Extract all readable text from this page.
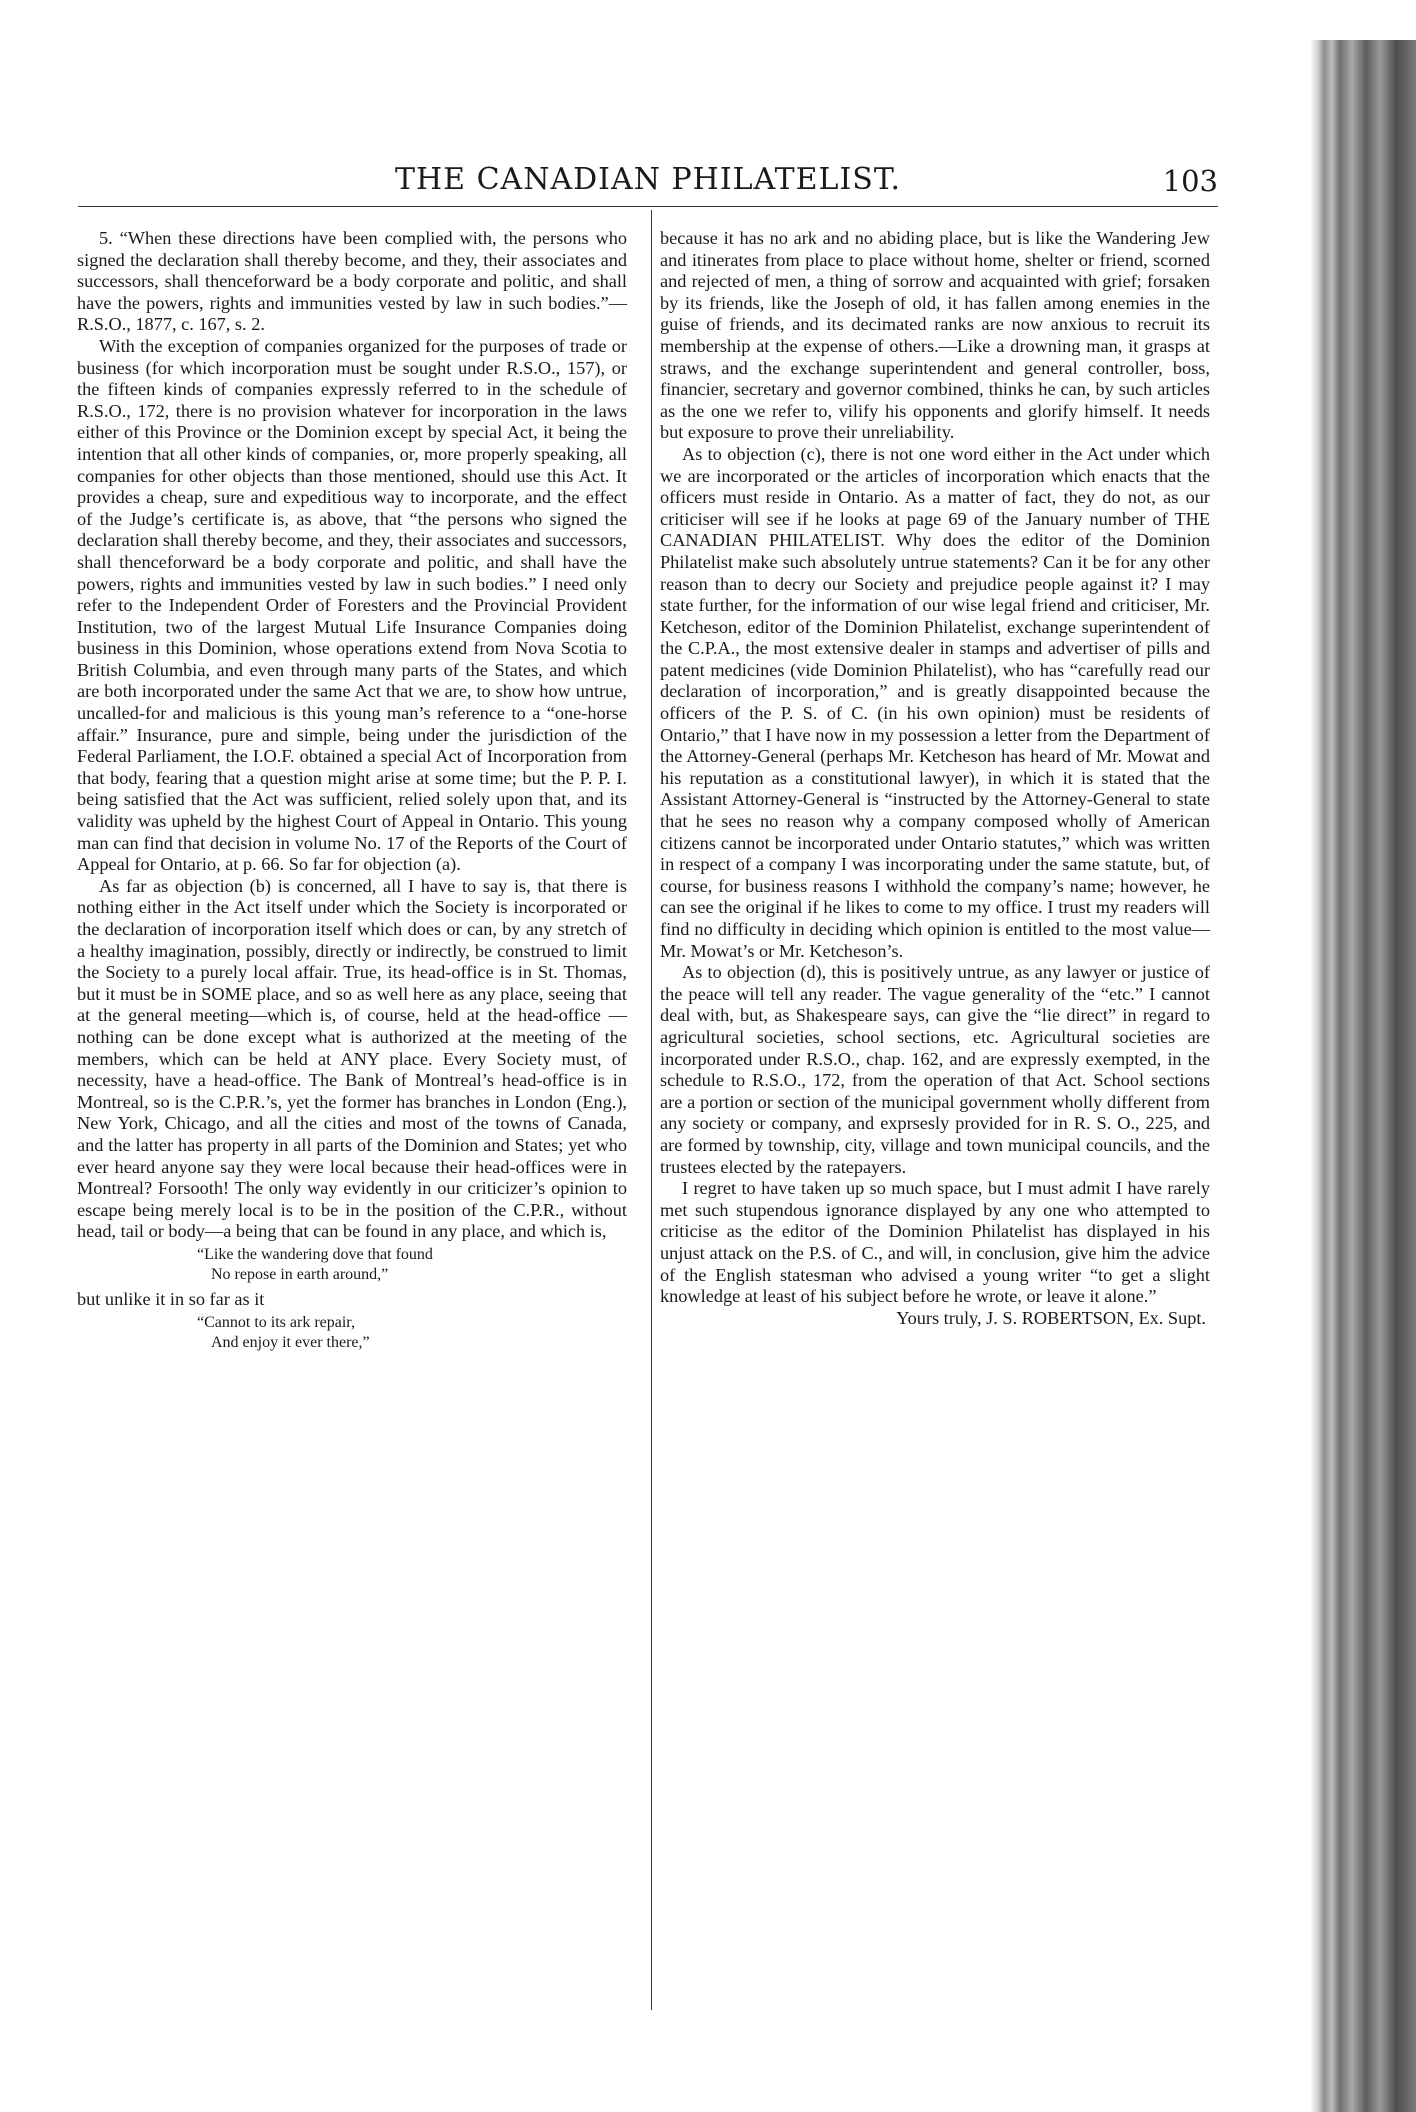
THE CANADIAN PHILATELIST.	103

5. “When these directions have been complied with, the persons who signed the declaration shall thereby become, and they, their associates and successors, shall thenceforward be a body corporate and politic, and shall have the powers, rights and immunities vested by law in such bodies.”—R.S.O., 1877, c. 167, s. 2.

With the exception of companies organized for the purposes of trade or business (for which incorporation must be sought under R.S.O., 157), or the fifteen kinds of companies expressly referred to in the schedule of R.S.O., 172, there is no provision whatever for incorporation in the laws either of this Province or the Dominion except by special Act, it being the intention that all other kinds of companies, or, more properly speaking, all companies for other objects than those mentioned, should use this Act. It provides a cheap, sure and expeditious way to incorporate, and the effect of the Judge’s certificate is, as above, that “the persons who signed the declaration shall thereby become, and they, their associates and successors, shall thenceforward be a body corporate and politic, and shall have the powers, rights and immunities vested by law in such bodies.” I need only refer to the Independent Order of Foresters and the Provincial Provident Institution, two of the largest Mutual Life Insurance Companies doing business in this Dominion, whose operations extend from Nova Scotia to British Columbia, and even through many parts of the States, and which are both incorporated under the same Act that we are, to show how untrue, uncalled-for and malicious is this young man’s reference to a “one-horse affair.” Insurance, pure and simple, being under the jurisdiction of the Federal Parliament, the I.O.F. obtained a special Act of Incorporation from that body, fearing that a question might arise at some time; but the P. P. I. being satisfied that the Act was sufficient, relied solely upon that, and its validity was upheld by the highest Court of Appeal in Ontario. This young man can find that decision in volume No. 17 of the Reports of the Court of Appeal for Ontario, at p. 66. So far for objection (a).

As far as objection (b) is concerned, all I have to say is, that there is nothing either in the Act itself under which the Society is incorporated or the declaration of incorporation itself which does or can, by any stretch of a healthy imagination, possibly, directly or indirectly, be construed to limit the Society to a purely local affair. True, its head-office is in St. Thomas, but it must be in SOME place, and so as well here as any place, seeing that at the general meeting—which is, of course, held at the head-office —nothing can be done except what is authorized at the meeting of the members, which can be held at ANY place. Every Society must, of necessity, have a head-office. The Bank of Montreal’s head-office is in Montreal, so is the C.P.R.’s, yet the former has branches in London (Eng.), New York, Chicago, and all the cities and most of the towns of Canada, and the latter has property in all parts of the Dominion and States; yet who ever heard anyone say they were local because their head-offices were in Montreal? Forsooth! The only way evidently in our criticizer’s opinion to escape being merely local is to be in the position of the C.P.R., without head, tail or body—a being that can be found in any place, and which is,

“Like the wandering dove that found
No repose in earth around,”

but unlike it in so far as it

“Cannot to its ark repair,
And enjoy it ever there,”

because it has no ark and no abiding place, but is like the Wandering Jew and itinerates from place to place without home, shelter or friend, scorned and rejected of men, a thing of sorrow and acquainted with grief; forsaken by its friends, like the Joseph of old, it has fallen among enemies in the guise of friends, and its decimated ranks are now anxious to recruit its membership at the expense of others.—Like a drowning man, it grasps at straws, and the exchange superintendent and general controller, boss, financier, secretary and governor combined, thinks he can, by such articles as the one we refer to, vilify his opponents and glorify himself. It needs but exposure to prove their unreliability.

As to objection (c), there is not one word either in the Act under which we are incorporated or the articles of incorporation which enacts that the officers must reside in Ontario. As a matter of fact, they do not, as our criticiser will see if he looks at page 69 of the January number of THE CANADIAN PHILATELIST. Why does the editor of the Dominion Philatelist make such absolutely untrue statements? Can it be for any other reason than to decry our Society and prejudice people against it? I may state further, for the information of our wise legal friend and criticiser, Mr. Ketcheson, editor of the Dominion Philatelist, exchange superintendent of the C.P.A., the most extensive dealer in stamps and advertiser of pills and patent medicines (vide Dominion Philatelist), who has “carefully read our declaration of incorporation,” and is greatly disappointed because the officers of the P. S. of C. (in his own opinion) must be residents of Ontario,” that I have now in my possession a letter from the Department of the Attorney-General (perhaps Mr. Ketcheson has heard of Mr. Mowat and his reputation as a constitutional lawyer), in which it is stated that the Assistant Attorney-General is “instructed by the Attorney-General to state that he sees no reason why a company composed wholly of American citizens cannot be incorporated under Ontario statutes,” which was written in respect of a company I was incorporating under the same statute, but, of course, for business reasons I withhold the company’s name; however, he can see the original if he likes to come to my office. I trust my readers will find no difficulty in deciding which opinion is entitled to the most value—Mr. Mowat’s or Mr. Ketcheson’s.

As to objection (d), this is positively untrue, as any lawyer or justice of the peace will tell any reader. The vague generality of the “etc.” I cannot deal with, but, as Shakespeare says, can give the “lie direct” in regard to agricultural societies, school sections, etc. Agricultural societies are incorporated under R.S.O., chap. 162, and are expressly exempted, in the schedule to R.S.O., 172, from the operation of that Act. School sections are a portion or section of the municipal government wholly different from any society or company, and exprsesly provided for in R. S. O., 225, and are formed by township, city, village and town municipal councils, and the trustees elected by the ratepayers.

I regret to have taken up so much space, but I must admit I have rarely met such stupendous ignorance displayed by any one who attempted to criticise as the editor of the Dominion Philatelist has displayed in his unjust attack on the P.S. of C., and will, in conclusion, give him the advice of the English statesman who advised a young writer “to get a slight knowledge at least of his subject before he wrote, or leave it alone.”

Yours truly, J. S. ROBERTSON, Ex. Supt.
